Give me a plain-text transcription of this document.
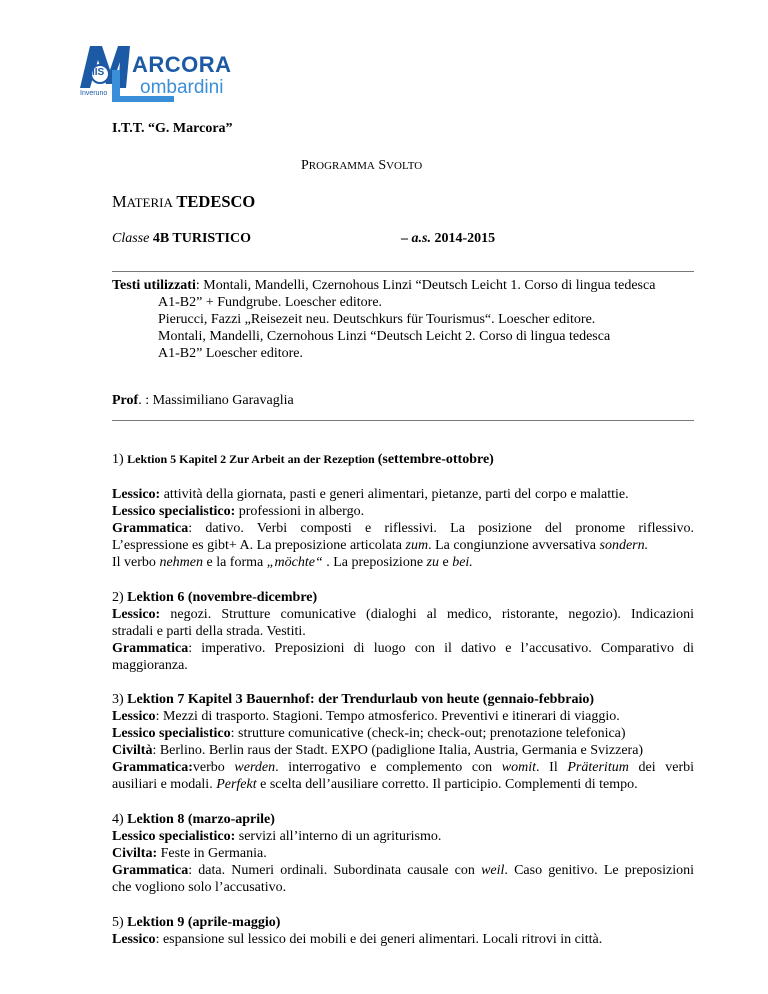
IIS ARCORA
ombardini
Inveruno
I.T.T. “G. Marcora”
PROGRAMMA SVOLTO
MATERIA TEDESCO
Classe 4B TURISTICO	– a.s. 2014-2015
Testi utilizzati: Montali, Mandelli, Czernohous Linzi “Deutsch Leicht 1. Corso di lingua tedesca
A1-B2” + Fundgrube. Loescher editore.
Pierucci, Fazzi „Reisezeit neu. Deutschkurs für Tourismus“. Loescher editore.
Montali, Mandelli, Czernohous Linzi “Deutsch Leicht 2. Corso di lingua tedesca
A1-B2” Loescher editore.
Prof. : Massimiliano Garavaglia
1) Lektion 5 Kapitel 2 Zur Arbeit an der Rezeption (settembre-ottobre)
Lessico: attività della giornata, pasti e generi alimentari, pietanze, parti del corpo e malattie.
Lessico specialistico: professioni in albergo.
Grammatica: dativo. Verbi composti e riflessivi. La posizione del pronome riflessivo.
L’espressione es gibt+ A. La preposizione articolata zum. La congiunzione avversativa sondern.
Il verbo nehmen e la forma „möchte“ . La preposizione zu e bei.
2) Lektion 6 (novembre-dicembre)
Lessico: negozi. Strutture comunicative (dialoghi al medico, ristorante, negozio). Indicazioni
stradali e parti della strada. Vestiti.
Grammatica: imperativo. Preposizioni di luogo con il dativo e l’accusativo. Comparativo di
maggioranza.
3) Lektion 7 Kapitel 3 Bauernhof: der Trendurlaub von heute (gennaio-febbraio)
Lessico: Mezzi di trasporto. Stagioni. Tempo atmosferico. Preventivi e itinerari di viaggio.
Lessico specialistico: strutture comunicative (check-in; check-out; prenotazione telefonica)
Civiltà: Berlino. Berlin raus der Stadt. EXPO (padiglione Italia, Austria, Germania e Svizzera)
Grammatica:verbo werden. interrogativo e complemento con womit. Il Präteritum dei verbi
ausiliari e modali. Perfekt e scelta dell’ausiliare corretto. Il participio. Complementi di tempo.
4) Lektion 8 (marzo-aprile)
Lessico specialistico: servizi all’interno di un agriturismo.
Civilta: Feste in Germania.
Grammatica: data. Numeri ordinali. Subordinata causale con weil. Caso genitivo. Le preposizioni
che vogliono solo l’accusativo.
5) Lektion 9 (aprile-maggio)
Lessico: espansione sul lessico dei mobili e dei generi alimentari. Locali ritrovi in città.
